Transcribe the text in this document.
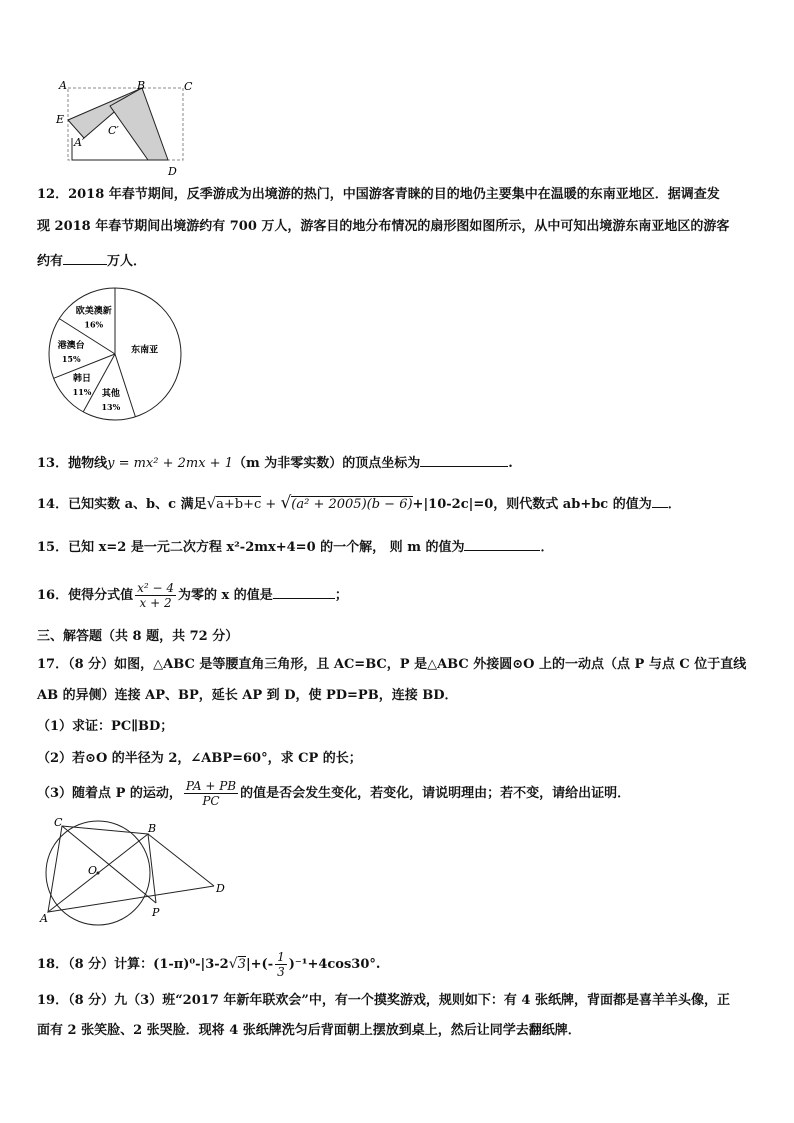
A	B	C
E
C′
A′
D
12．2018 年春节期间，反季游成为出境游的热门，中国游客青睐的目的地仍主要集中在温暖的东南亚地区．据调查发
现 2018 年春节期间出境游约有 700 万人，游客目的地分布情况的扇形图如图所示，从中可知出境游东南亚地区的游客
约有	万人．
东南亚
其他
13%
韩日
11%
港澳台
15%
欧美澳新
16%
13．抛物线y = mx² + 2mx + 1（m 为非零实数）的顶点坐标为	.
14．已知实数 a、b、c 满足√a+b+c + √(a² + 2005)(b − 6)+|10-2c|=0，则代数式 ab+bc 的值为 ．
15．已知 x=2 是一元二次方程 x²-2mx+4=0 的一个解， 则 m 的值为	．
16．使得分式值 $\frac{\text{x² − 4}}{x + 2}$ 为零的 x 的值是	；
三、解答题（共 8 题，共 72 分）
17．（8 分）如图，△ABC 是等腰直角三角形，且 AC=BC，P 是△ABC 外接圆⊙O 上的一动点（点 P 与点 C 位于直线
AB 的异侧）连接 AP、BP，延长 AP 到 D，使 PD=PB，连接 BD．
（1）求证：PC∥BD；
（2）若⊙O 的半径为 2，∠ABP=60°，求 CP 的长；
（3）随着点 P 的运动， $\frac{PA + PB}{PC}$ 的值是否会发生变化，若变化，请说明理由；若不变，请给出证明．
C	B
O
A	P
D
18．（8 分）计算：$(1-\pi)^0-|3-2√3|+(- \frac{1}{3} )^{-1}+4\cos 30^\circ$.
19．（8 分）九（3）班“2017 年新年联欢会”中，有一个摸奖游戏，规则如下：有 4 张纸牌，背面都是喜羊羊头像，正
面有 2 张笑脸、2 张哭脸．现将 4 张纸牌洗匀后背面朝上摆放到桌上，然后让同学去翻纸牌．
